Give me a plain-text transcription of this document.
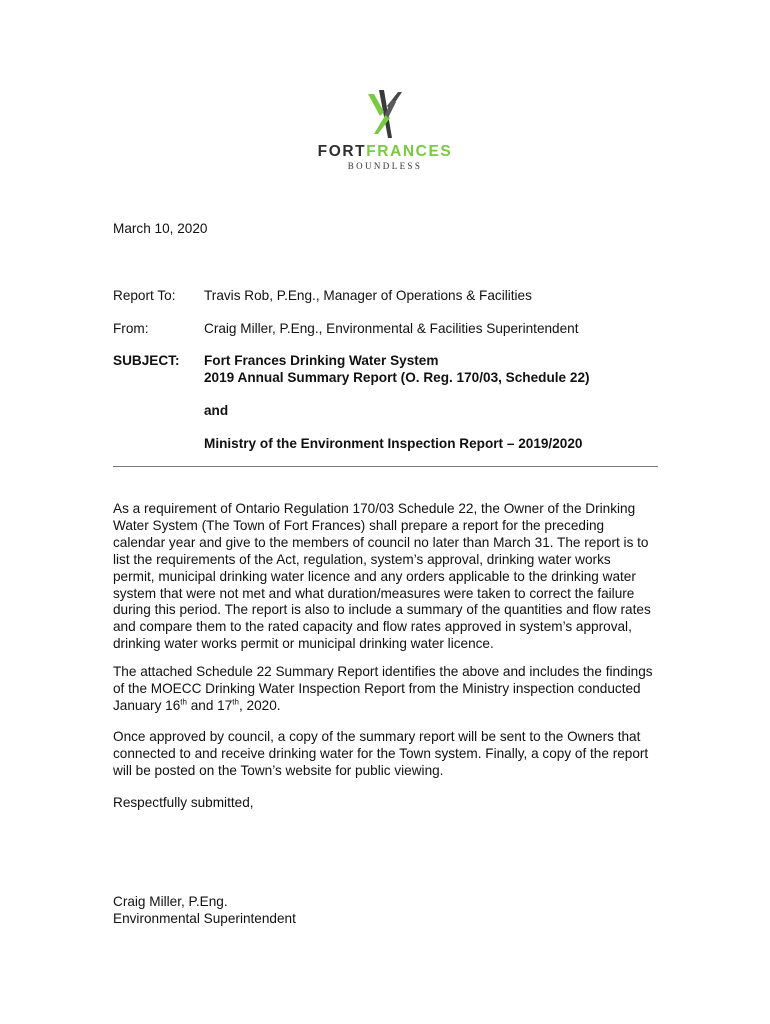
FORTFRANCES
BOUNDLESS
March 10, 2020
Report To: Travis Rob, P.Eng., Manager of Operations & Facilities
From:	Craig Miller, P.Eng., Environmental & Facilities Superintendent
SUBJECT: Fort Frances Drinking Water System
2019 Annual Summary Report (O. Reg. 170/03, Schedule 22)
and
Ministry of the Environment Inspection Report – 2019/2020

As a requirement of Ontario Regulation 170/03 Schedule 22, the Owner of the Drinking Water System (The Town of Fort Frances) shall prepare a report for the preceding calendar year and give to the members of council no later than March 31. The report is to list the requirements of the Act, regulation, system’s approval, drinking water works permit, municipal drinking water licence and any orders applicable to the drinking water system that were not met and what duration/measures were taken to correct the failure during this period. The report is also to include a summary of the quantities and flow rates and compare them to the rated capacity and flow rates approved in system’s approval, drinking water works permit or municipal drinking water licence.

The attached Schedule 22 Summary Report identifies the above and includes the findings of the MOECC Drinking Water Inspection Report from the Ministry inspection conducted January 16th and 17th, 2020.

Once approved by council, a copy of the summary report will be sent to the Owners that connected to and receive drinking water for the Town system. Finally, a copy of the report will be posted on the Town’s website for public viewing.

Respectfully submitted,

Craig Miller, P.Eng.

Environmental Superintendent
